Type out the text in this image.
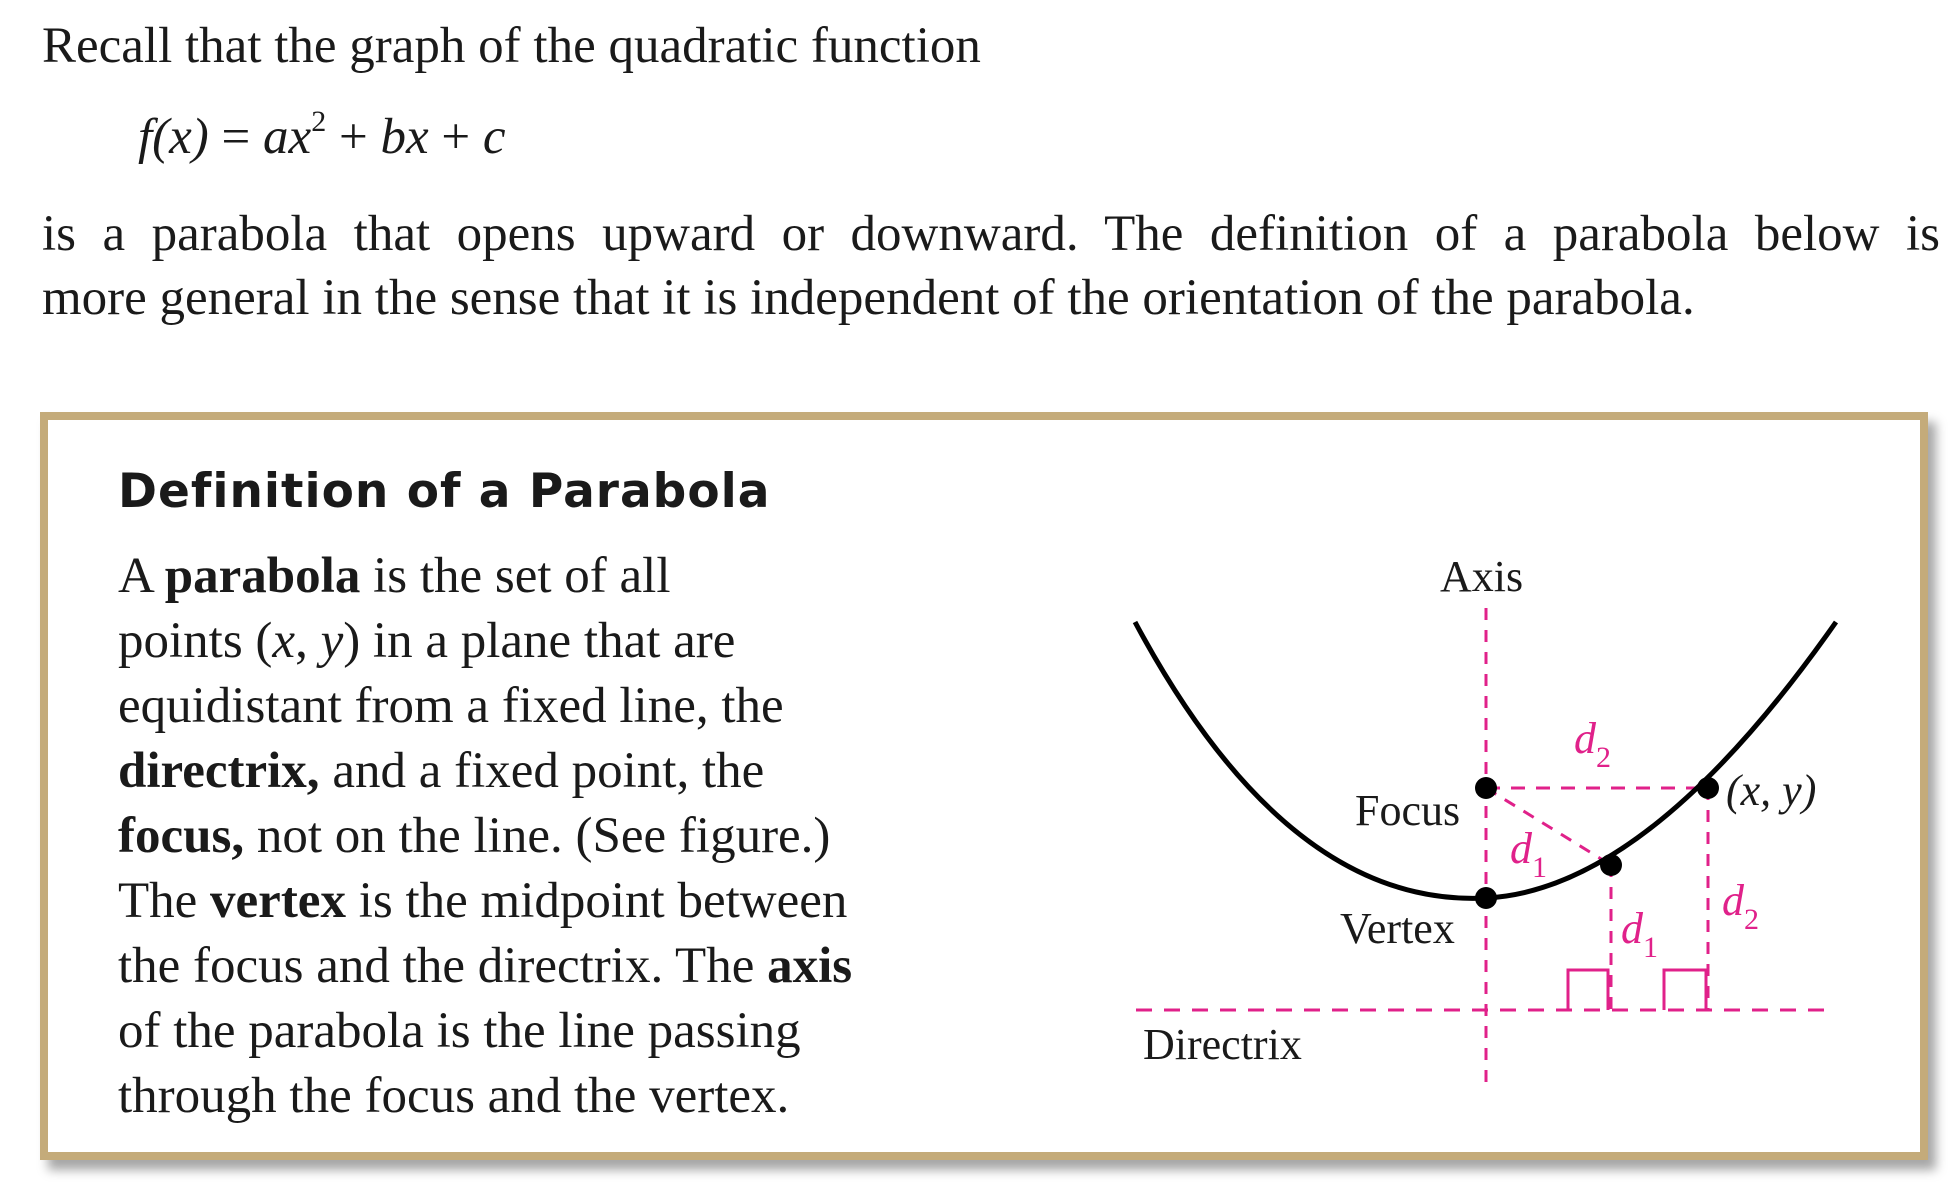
Recall that the graph of the quadratic function

$f(x) = ax^2$ + bx + c
is a parabola that opens upward or downward. The definition of a parabola below is
more general in the sense that it is independent of the orientation of the parabola.
Definition of a Parabola
A parabola is the set of all
points (x, y) in a plane that are
equidistant from a fixed line, the
directrix, and a fixed point, the
focus, not on the line. (See figure.)
The vertex is the midpoint between
the focus and the directrix. The axis
of the parabola is the line passing
through the focus and the vertex.
Axis
Focus
Vertex
Directrix
(x, y)
$d_2$
$d_1$
$d_1$
$d_2$
